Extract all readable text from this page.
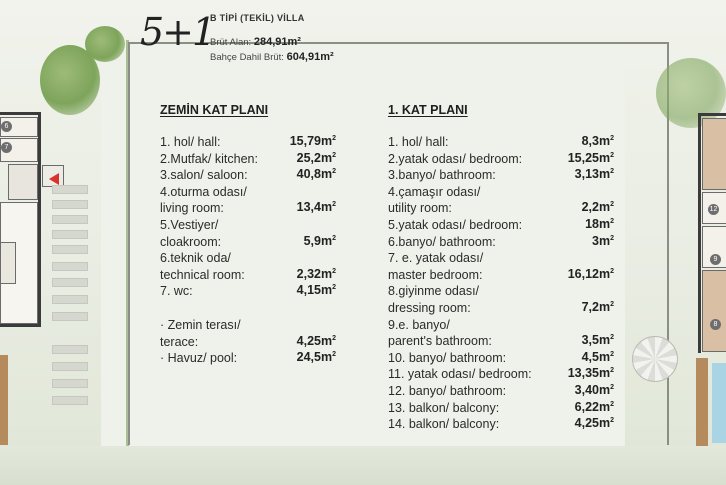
6
7
5+1
B TİPİ (TEKİL) VİLLA
Brüt Alan: 284,91m²
Bahçe Dahil Brüt: 604,91m²
ZEMİN KAT PLANI
1. hol/ hall:	$15,79m^2$
2.Mutfak/ kitchen:	$25,2m^2$
3.salon/ saloon:	$40,8m^2$
4.oturma odası/
living room:	$13,4m^2$
5.Vestiyer/
cloakroom:	$5,9m^2$
6.teknik oda/
technical room:	$2,32m^2$
7. wc:	$4,15m^2$
· Zemin terası/
terace:	$4,25m^2$
· Havuz/ pool:	$24,5m^2$
1. KAT PLANI
1. hol/ hall:	$8,3m^2$
2.yatak odası/ bedroom:	$15,25m^2$
3.banyo/ bathroom:	$3,13m^2$
4.çamaşır odası/
utility room:	$2,2m^2$
5.yatak odası/ bedroom:	$18m^2$
6.banyo/ bathroom:	$3m^2$
7. e. yatak odası/
master bedroom:	$16,12m^2$
8.giyinme odası/
dressing room:	$7,2m^2$
9.e. banyo/
parent's bathroom:	$3,5m^2$
10. banyo/ bathroom:	$4,5m^2$
11. yatak odası/ bedroom:	$13,35m^2$
12. banyo/ bathroom:	$3,40m^2$
13. balkon/ balcony:	$6,22m^2$
14. balkon/ balcony:	$4,25m^2$
12
9
8
